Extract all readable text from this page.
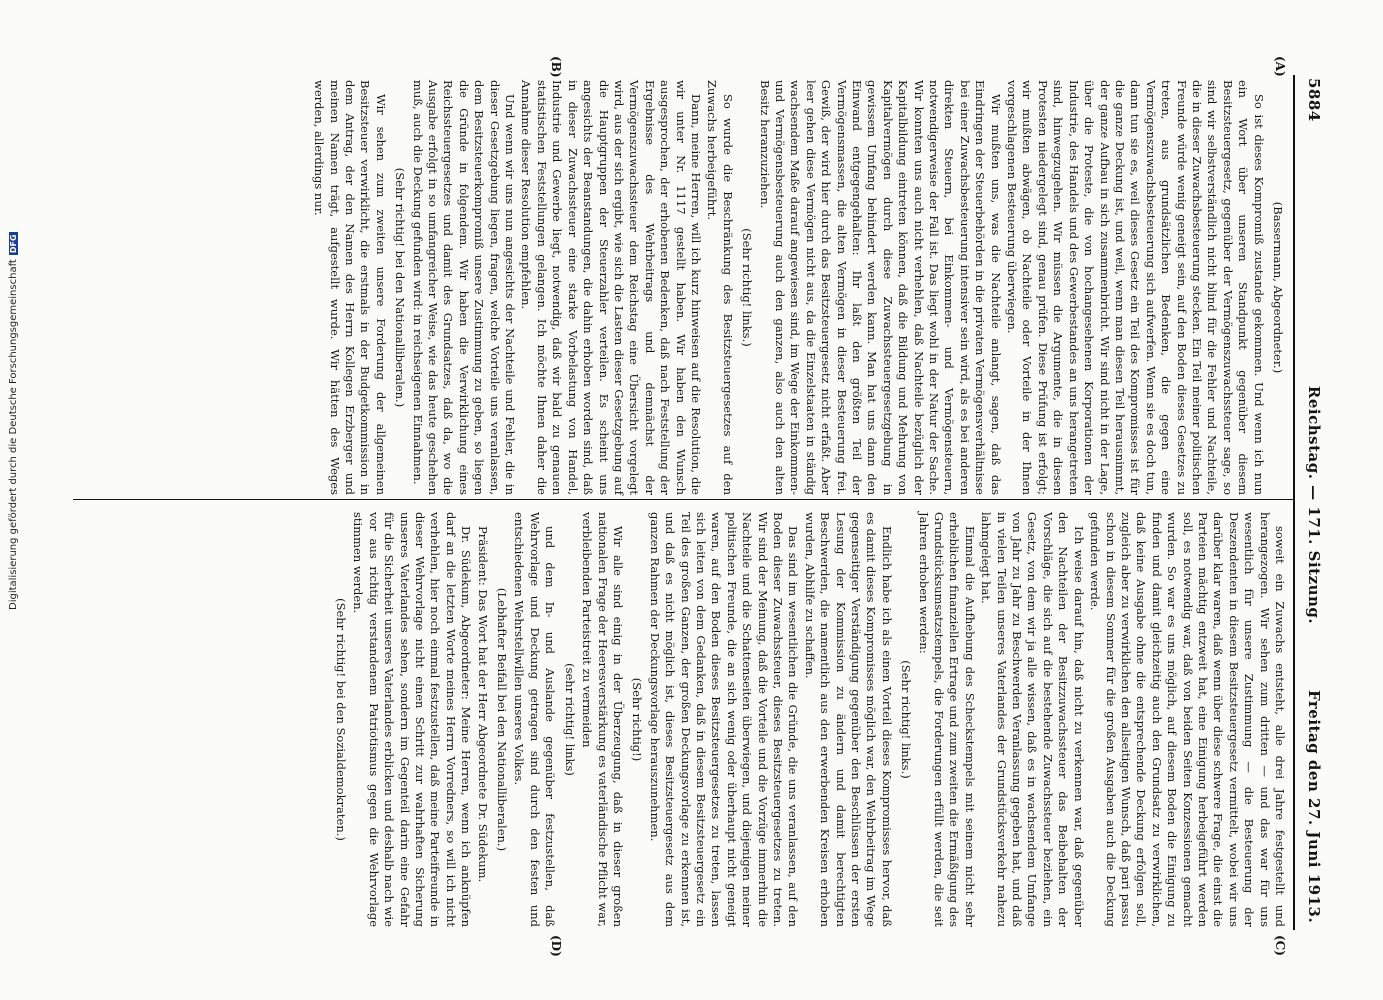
5884
Reichstag. — 171. Sitzung.
Freitag den 27. Juni 1913.
(A)
(B)
(C)
(D)

(Bassermann, Abgeordneter.)

So ist dieses Kompromiß zustande gekommen. Und wenn ich nun ein Wort über unseren Standpunkt gegenüber diesem Besitzsteuergesetz, gegenüber der Vermögenszuwachssteuer sage, so sind wir selbstverständlich nicht blind für die Fehler und Nachteile, die in dieser Zuwachsbesteuerung stecken. Ein Teil meiner politischen Freunde würde wenig geneigt sein, auf den Boden dieses Gesetzes zu treten, aus grundsätzlichen Bedenken, die gegen eine Vermögenszuwachsbesteuerung sich aufwerfen. Wenn sie es doch tun, dann tun sie es, weil dieses Gesetz ein Teil des Kompromisses ist für die ganze Deckung ist, und weil, wenn man diesen Teil herausnimmt, der ganze Aufbau in sich zusammenbricht. Wir sind nicht in der Lage, über die Proteste, die von hochangesehenen Korporationen der Industrie, des Handels und des Gewerbestandes an uns herangetreten sind, hinwegzugehen. Wir müssen die Argumente, die in diesen Protesten niedergelegt sind, genau prüfen. Diese Prüfung ist erfolgt; wir mußten abwägen, ob Nachteile oder Vorteile in der Ihnen vorgeschlagenen Besteuerung überwiegen.

Wir mußten uns, was die Nachteile anlangt, sagen, daß das Eindringen der Steuerbehörden in die privaten Vermögensverhältnisse bei einer Zuwachsbesteuerung intensiver sein wird, als es bei anderen direkten Steuern, bei Einkommen- und Vermögensteuern, notwendigerweise der Fall ist. Das liegt wohl in der Natur der Sache. Wir konnten uns auch nicht verhehlen, daß Nachteile bezüglich der Kapitalbildung eintreten können, daß die Bildung und Mehrung von Kapitalvermögen durch diese Zuwachssteuergesetzgebung in gewissem Umfang behindert werden kann. Man hat uns dann den Einwand entgegengehalten: Ihr laßt den größten Teil der Vermögensmassen, die alten Vermögen in dieser Besteuerung frei. Gewiß, der wird hier durch das Besitzsteuergesetz nicht erfaßt. Aber leer gehen diese Vermögen nicht aus, da die Einzelstaaten in ständig wachsendem Maße darauf angewiesen sind, im Wege der Einkommen- und Vermögensbesteuerung auch den ganzen, also auch den alten Besitz heranzuziehen.

(Sehr richtig! links.)

So wurde die Beschränkung des Besitzsteuergesetzes auf den Zuwachs herbeigeführt.

Dann, meine Herren, will ich kurz hinweisen auf die Resolution, die wir unter Nr. 1117 gestellt haben. Wir haben den Wunsch ausgesprochen, der erhobenen Bedenken, daß nach Feststellung der Ergebnisse des Wehrbeitrags und demnächst der Vermögenszuwachssteuer dem Reichstag eine Übersicht vorgelegt wird, aus der sich ergibt, wie sich die Lasten dieser Gesetzgebung auf die Hauptgruppen der Steuerzahler verteilen. Es scheint uns angesichts der Beanstandungen, die dahin erhoben worden sind, daß in dieser Zuwachssteuer eine starke Vorbelastung von Handel, Industrie und Gewerbe liegt, notwendig, daß wir bald zu genauen statistischen Feststellungen gelangen. Ich möchte Ihnen daher die Annahme dieser Resolution empfehlen.

Und wenn wir uns nun angesichts der Nachteile und Fehler, die in dieser Gesetzgebung liegen, fragen, welche Vorteile uns veranlassen, dem Besitzsteuerkompromiß unsere Zustimmung zu geben, so liegen die Gründe in folgendem. Wir haben die Verwirklichung eines Reichssteuergesetzes und damit des Grundsatzes, daß da, wo die Ausgabe erfolgt in so umfangreicher Weise, wie das heute geschehen muß, auch die Deckung gefunden wird: in reichseigenen Einnahmen.

(Sehr richtig! bei den Nationalliberalen.)

Wir sehen zum zweiten unsere Forderung der allgemeinen Besitzsteuer verwirklicht, die erstmals in der Budgetkommission in dem Antrag, der den Namen des Herrn Kollegen Erzberger und meinen Namen trägt, aufgestellt wurde. Wir hätten des Weges werden, allerdings nur.

soweit ein Zuwachs entsteht, alle drei Jahre festgestellt und herangezogen. Wir sehen zum dritten — und das war für uns wesentlich für unsere Zustimmung — die Besteuerung der Deszendenten in diesem Besitzsteuergesetz vermittelt, wobei wir uns darüber klar waren, daß wenn über diese schwere Frage, die einst die Parteien mächtig entzweit hat, eine Einigung herbeigeführt werden soll, es notwendig war, daß von beiden Seiten Konzessionen gemacht wurden. So war es uns möglich, auf diesem Boden die Einigung zu finden und damit gleichzeitig auch den Grundsatz zu verwirklichen, daß keine Ausgabe ohne die entsprechende Deckung erfolgen soll, zugleich aber zu verwirklichen den allseitigen Wunsch, daß pari passu schon in diesem Sommer für die großen Ausgaben auch die Deckung gefunden werde.

Ich weise darauf hin, daß nicht zu verkennen war, daß gegenüber den Nachteilen der Besitzzuwachssteuer das Beibehalten der Vorschläge, die sich auf die bestehende Zuwachssteuer beziehen, ein Gesetz, von dem wir ja alle wissen, daß es in wachsendem Umfange von Jahr zu Jahr zu Beschwerden Veranlassung gegeben hat, und daß in vielen Teilen unseres Vaterlandes der Grundstücksverkehr nahezu lahmgelegt hat.

Einmal die Aufhebung des Scheckstempels mit seinem nicht sehr erheblichen finanziellen Ertrage und zum zweiten die Ermäßigung des Grundstücksumsatzstempels, die Forderungen erfüllt werden, die seit Jahren erhoben werden:

(Sehr richtig! links.)

Endlich habe ich als einen Vorteil dieses Kompromisses hervor, daß es damit dieses Kompromisses möglich war, den Wehrbeitrag im Wege gegenseitiger Verständigung gegenüber den Beschlüssen der ersten Lesung der Kommission zu ändern und damit berechtigten Beschwerden, die namentlich aus den erwerbenden Kreisen erhoben wurden, Abhilfe zu schaffen.

Das sind im wesentlichen die Gründe, die uns veranlassen, auf den Boden dieser Zuwachssteuer, dieses Besitzsteuergesetzes zu treten. Wir sind der Meinung, daß die Vorteile und die Vorzüge immerhin die Nachteile und die Schattenseiten überwiegen, und diejenigen meiner politischen Freunde, die an sich wenig oder überhaupt nicht geneigt waren, auf den Boden dieses Besitzsteuergesetzes zu treten, lassen sich leiten von dem Gedanken, daß in diesem Besitzsteuergesetz ein Teil des großen Ganzen, der großen Deckungsvorlage zu erkennen ist, und daß es nicht möglich ist, dieses Besitzsteuergesetz aus dem ganzen Rahmen der Deckungsvorlage herauszunehmen.

(Sehr richtig!)

Wir alle sind einig in der Überzeugung, daß in dieser großen nationalen Frage der Heeresverstärkung es vaterländische Pflicht war, verbleibenden Parteistreit zu vermeiden

(sehr richtig! links)

und dem In- und Auslande gegenüber festzustellen, daß Wehrvorlage und Deckung getragen sind durch den festen und entschiedenen Wehrstellwillen unseres Volkes.

(Lebhafter Beifall bei den Nationalliberalen.)

Präsident: Das Wort hat der Herr Abgeordnete Dr. Südekum.

Dr. Südekum, Abgeordneter: Meine Herren, wenn ich anknüpfen darf an die letzten Worte meines Herrn Vorredners, so will ich nicht verhehlen, hier noch einmal festzustellen, daß meine Parteifreunde in dieser Wehrvorlage nicht einen Schritt zur wahrhaften Sicherung unseres Vaterlandes sehen, sondern im Gegenteil darin eine Gefahr für die Sicherheit unseres Vaterlandes erblicken und deshalb nach wie vor aus richtig verstandenem Patriotismus gegen die Wehrvorlage stimmen werden.

(Sehr richtig! bei den Sozialdemokraten.)

Digitalisierung gefördert durch die Deutsche ForschungsgemeinschaftDFG
